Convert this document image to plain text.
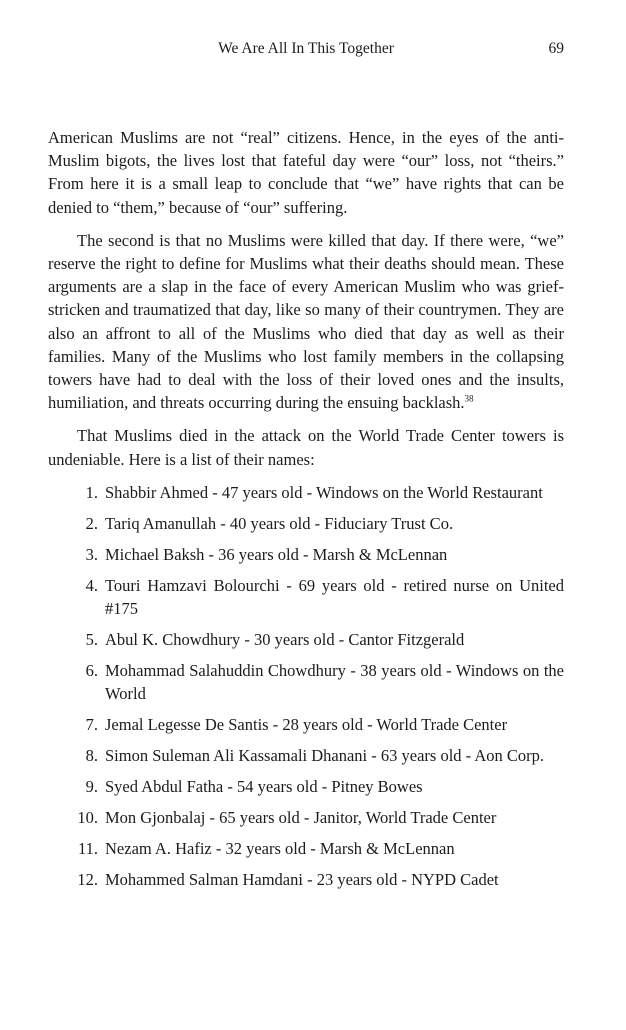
We Are All In This Together	69

American Muslims are not “real” citizens. Hence, in the eyes of the anti-Muslim bigots, the lives lost that fateful day were “our” loss, not “theirs.” From here it is a small leap to conclude that “we” have rights that can be denied to “them,” because of “our” suffering.

The second is that no Muslims were killed that day. If there were, “we” reserve the right to define for Muslims what their deaths should mean. These arguments are a slap in the face of every American Muslim who was grief-stricken and traumatized that day, like so many of their countrymen. They are also an affront to all of the Muslims who died that day as well as their families. Many of the Muslims who lost family members in the collapsing towers have had to deal with the loss of their loved ones and the insults, humiliation, and threats occurring during the ensuing backlash.$^{38}$

That Muslims died in the attack on the World Trade Center towers is undeniable. Here is a list of their names:

1. Shabbir Ahmed - 47 years old - Windows on the World Restaurant
2. Tariq Amanullah - 40 years old - Fiduciary Trust Co.
3. Michael Baksh - 36 years old - Marsh & McLennan
4. Touri Hamzavi Bolourchi - 69 years old - retired nurse on United #175
5. Abul K. Chowdhury - 30 years old - Cantor Fitzgerald
6. Mohammad Salahuddin Chowdhury - 38 years old - Windows on the World
7. Jemal Legesse De Santis - 28 years old - World Trade Center
8. Simon Suleman Ali Kassamali Dhanani - 63 years old - Aon Corp.
9. Syed Abdul Fatha - 54 years old - Pitney Bowes
10. Mon Gjonbalaj - 65 years old - Janitor, World Trade Center
11. Nezam A. Hafiz - 32 years old - Marsh & McLennan
12. Mohammed Salman Hamdani - 23 years old - NYPD Cadet
